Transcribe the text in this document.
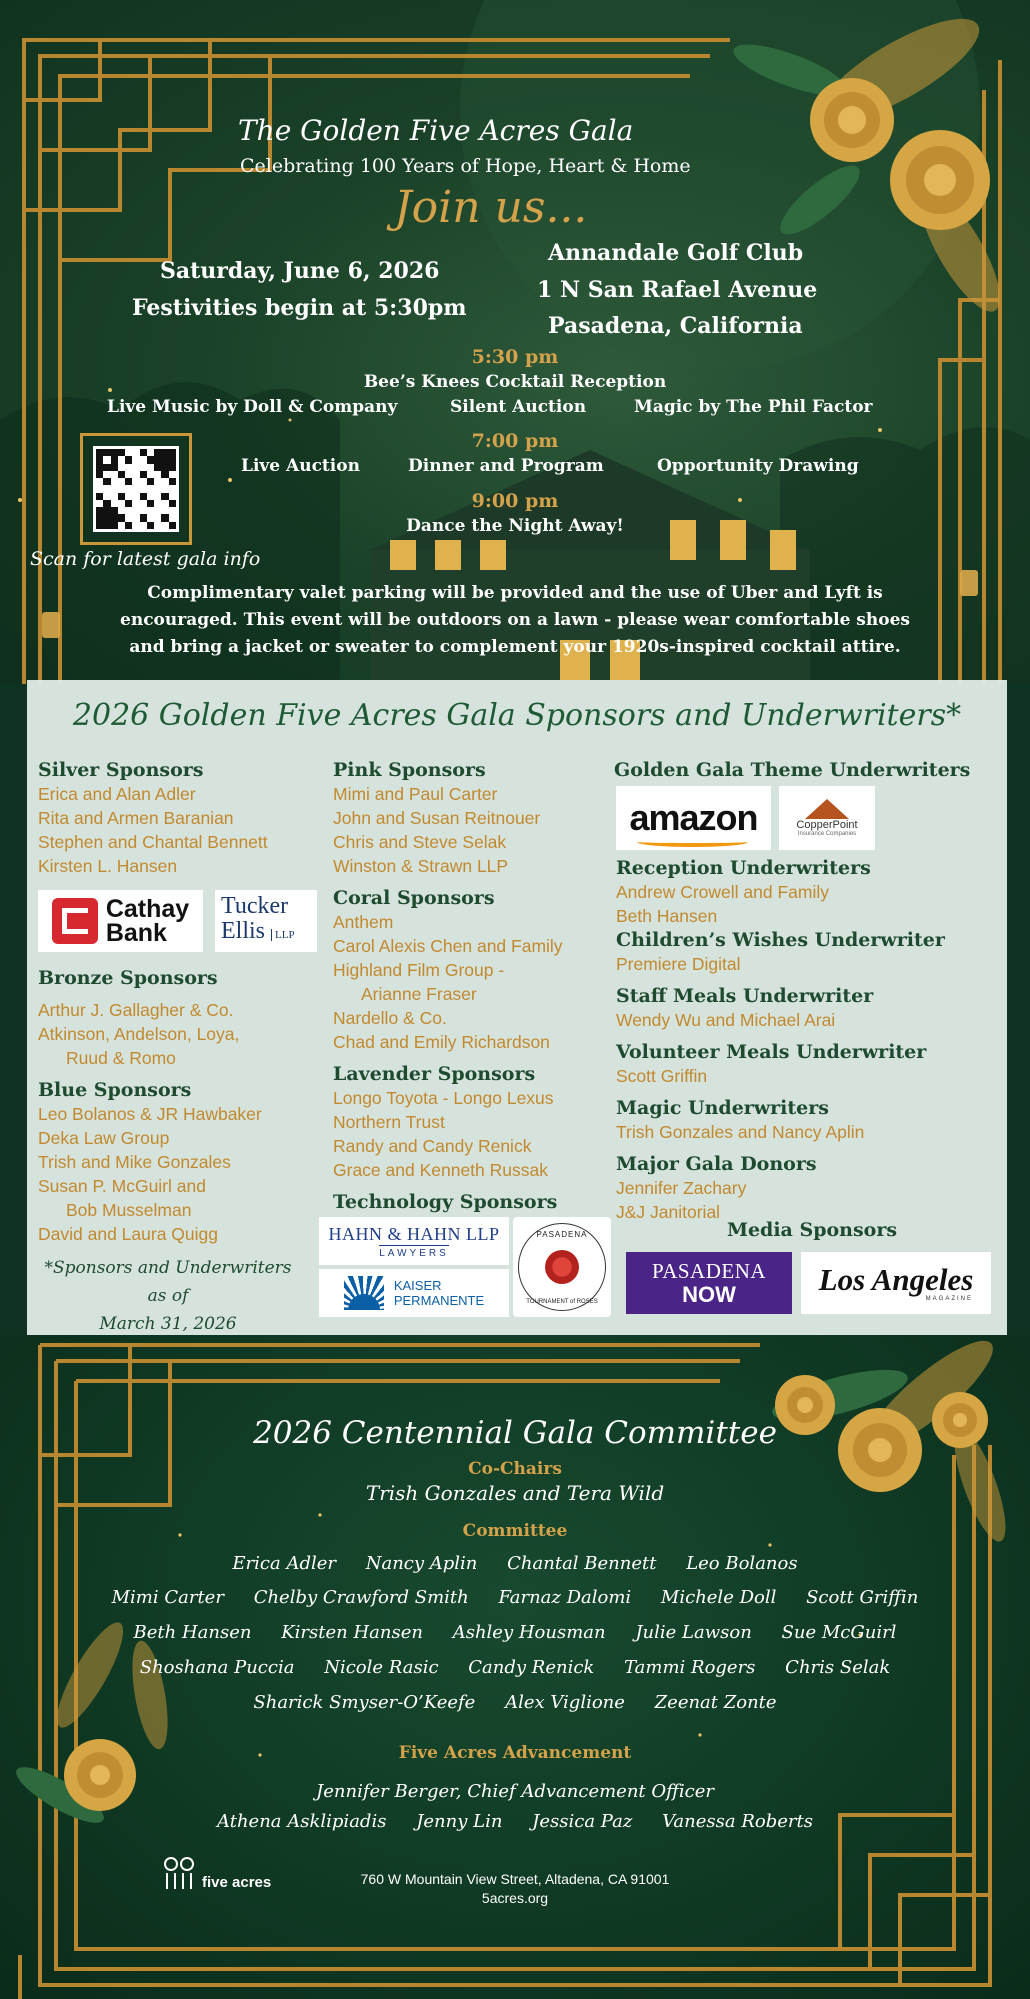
The Golden Five Acres Gala
Celebrating 100 Years of Hope, Heart & Home
Join us...
Saturday, June 6, 2026
Festivities begin at 5:30pm
Annandale Golf Club
1 N San Rafael Avenue
Pasadena, California
5:30 pm
Bee’s Knees Cocktail Reception
Live Music by Doll & Company	Silent Auction	Magic by The Phil Factor
7:00 pm
Live Auction	Dinner and Program	Opportunity Drawing
9:00 pm
Dance the Night Away!
Scan for latest gala info
Complimentary valet parking will be provided and the use of Uber and Lyft is
encouraged. This event will be outdoors on a lawn - please wear comfortable shoes
and bring a jacket or sweater to complement your 1920s-inspired cocktail attire.
2026 Golden Five Acres Gala Sponsors and Underwriters*
Silver Sponsors
Erica and Alan Adler
Rita and Armen Baranian
Stephen and Chantal Bennett
Kirsten L. Hansen
Cathay
Bank
Tucker
Ellis LLP
Bronze Sponsors
Arthur J. Gallagher & Co.
Atkinson, Andelson, Loya,
Ruud & Romo
Blue Sponsors
Leo Bolanos & JR Hawbaker
Deka Law Group
Trish and Mike Gonzales
Susan P. McGuirl and
Bob Musselman
David and Laura Quigg
*Sponsors and Underwriters as of
March 31, 2026
Pink Sponsors
Mimi and Paul Carter
John and Susan Reitnouer
Chris and Steve Selak
Winston & Strawn LLP
Coral Sponsors
Anthem
Carol Alexis Chen and Family
Highland Film Group -
Arianne Fraser
Nardello & Co.
Chad and Emily Richardson
Lavender Sponsors
Longo Toyota - Longo Lexus
Northern Trust
Randy and Candy Renick
Grace and Kenneth Russak
Technology Sponsors
HAHN & HAHN LLP
LAWYERS
KAISER
PERMANENTE
PASADENA
TOURNAMENT of ROSES
Golden Gala Theme Underwriters
amazon	CopperPoint
Insurance Companies
Reception Underwriters
Andrew Crowell and Family
Beth Hansen
Children’s Wishes Underwriter
Premiere Digital
Staff Meals Underwriter
Wendy Wu and Michael Arai
Volunteer Meals Underwriter
Scott Griffin
Magic Underwriters
Trish Gonzales and Nancy Aplin
Major Gala Donors
Jennifer Zachary
J&J Janitorial
Media Sponsors
PASADENA
NOW	Los Angeles
MAGAZINE
2026 Centennial Gala Committee
Co-Chairs
Trish Gonzales and Tera Wild
Committee
Erica Adler Nancy Aplin Chantal Bennett Leo Bolanos
Mimi Carter Chelby Crawford Smith Farnaz Dalomi Michele Doll Scott Griffin
Beth Hansen Kirsten Hansen Ashley Housman Julie Lawson Sue McGuirl
Shoshana Puccia Nicole Rasic Candy Renick Tammi Rogers Chris Selak
Sharick Smyser-O’Keefe Alex Viglione Zeenat Zonte
Five Acres Advancement
Jennifer Berger, Chief Advancement Officer
Athena Asklipiadis Jenny Lin Jessica Paz Vanessa Roberts
five acres	760 W Mountain View Street, Altadena, CA 91001
5acres.org
